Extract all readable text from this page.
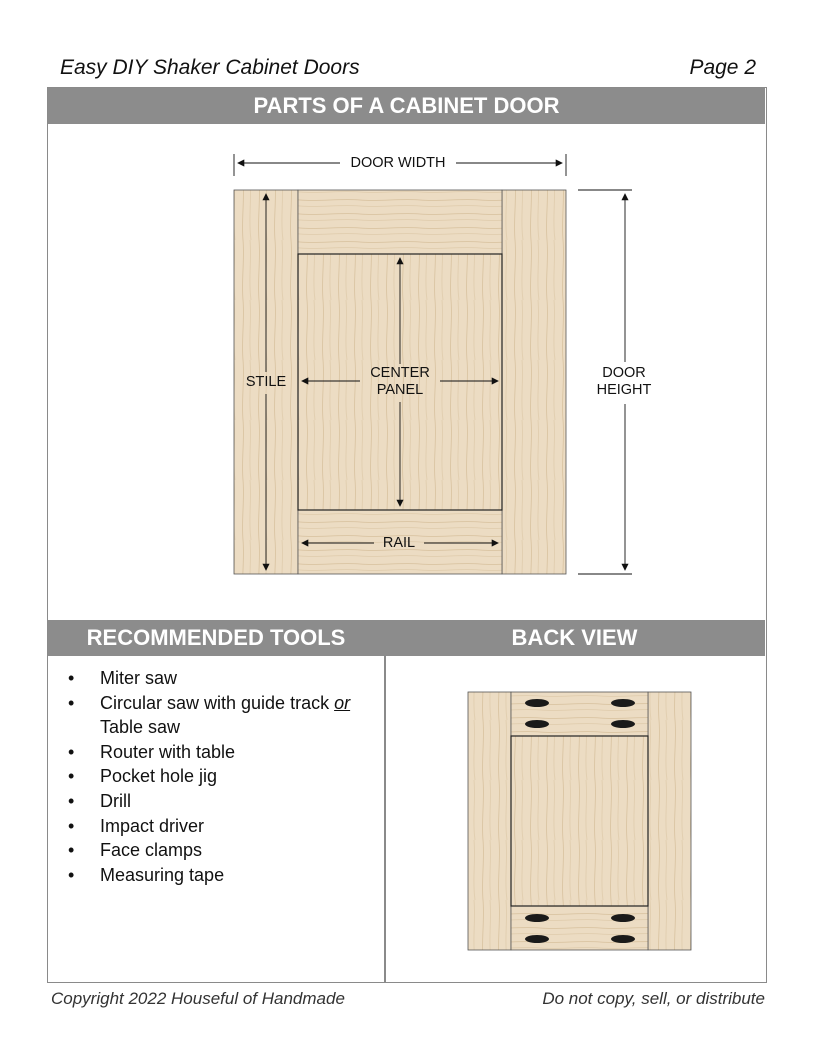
Easy DIY Shaker Cabinet Doors	Page 2
DOOR WIDTH
DOOR
HEIGHT
STILE
CENTER
PANEL
RAIL
PARTS OF A CABINET DOOR
RECOMMENDED TOOLS	BACK VIEW
• Miter saw
• Circular saw with guide track or
Table saw
• Router with table
• Pocket hole jig
• Drill
• Impact driver
• Face clamps
• Measuring tape
Copyright 2022 Houseful of Handmade	Do not copy, sell, or distribute
